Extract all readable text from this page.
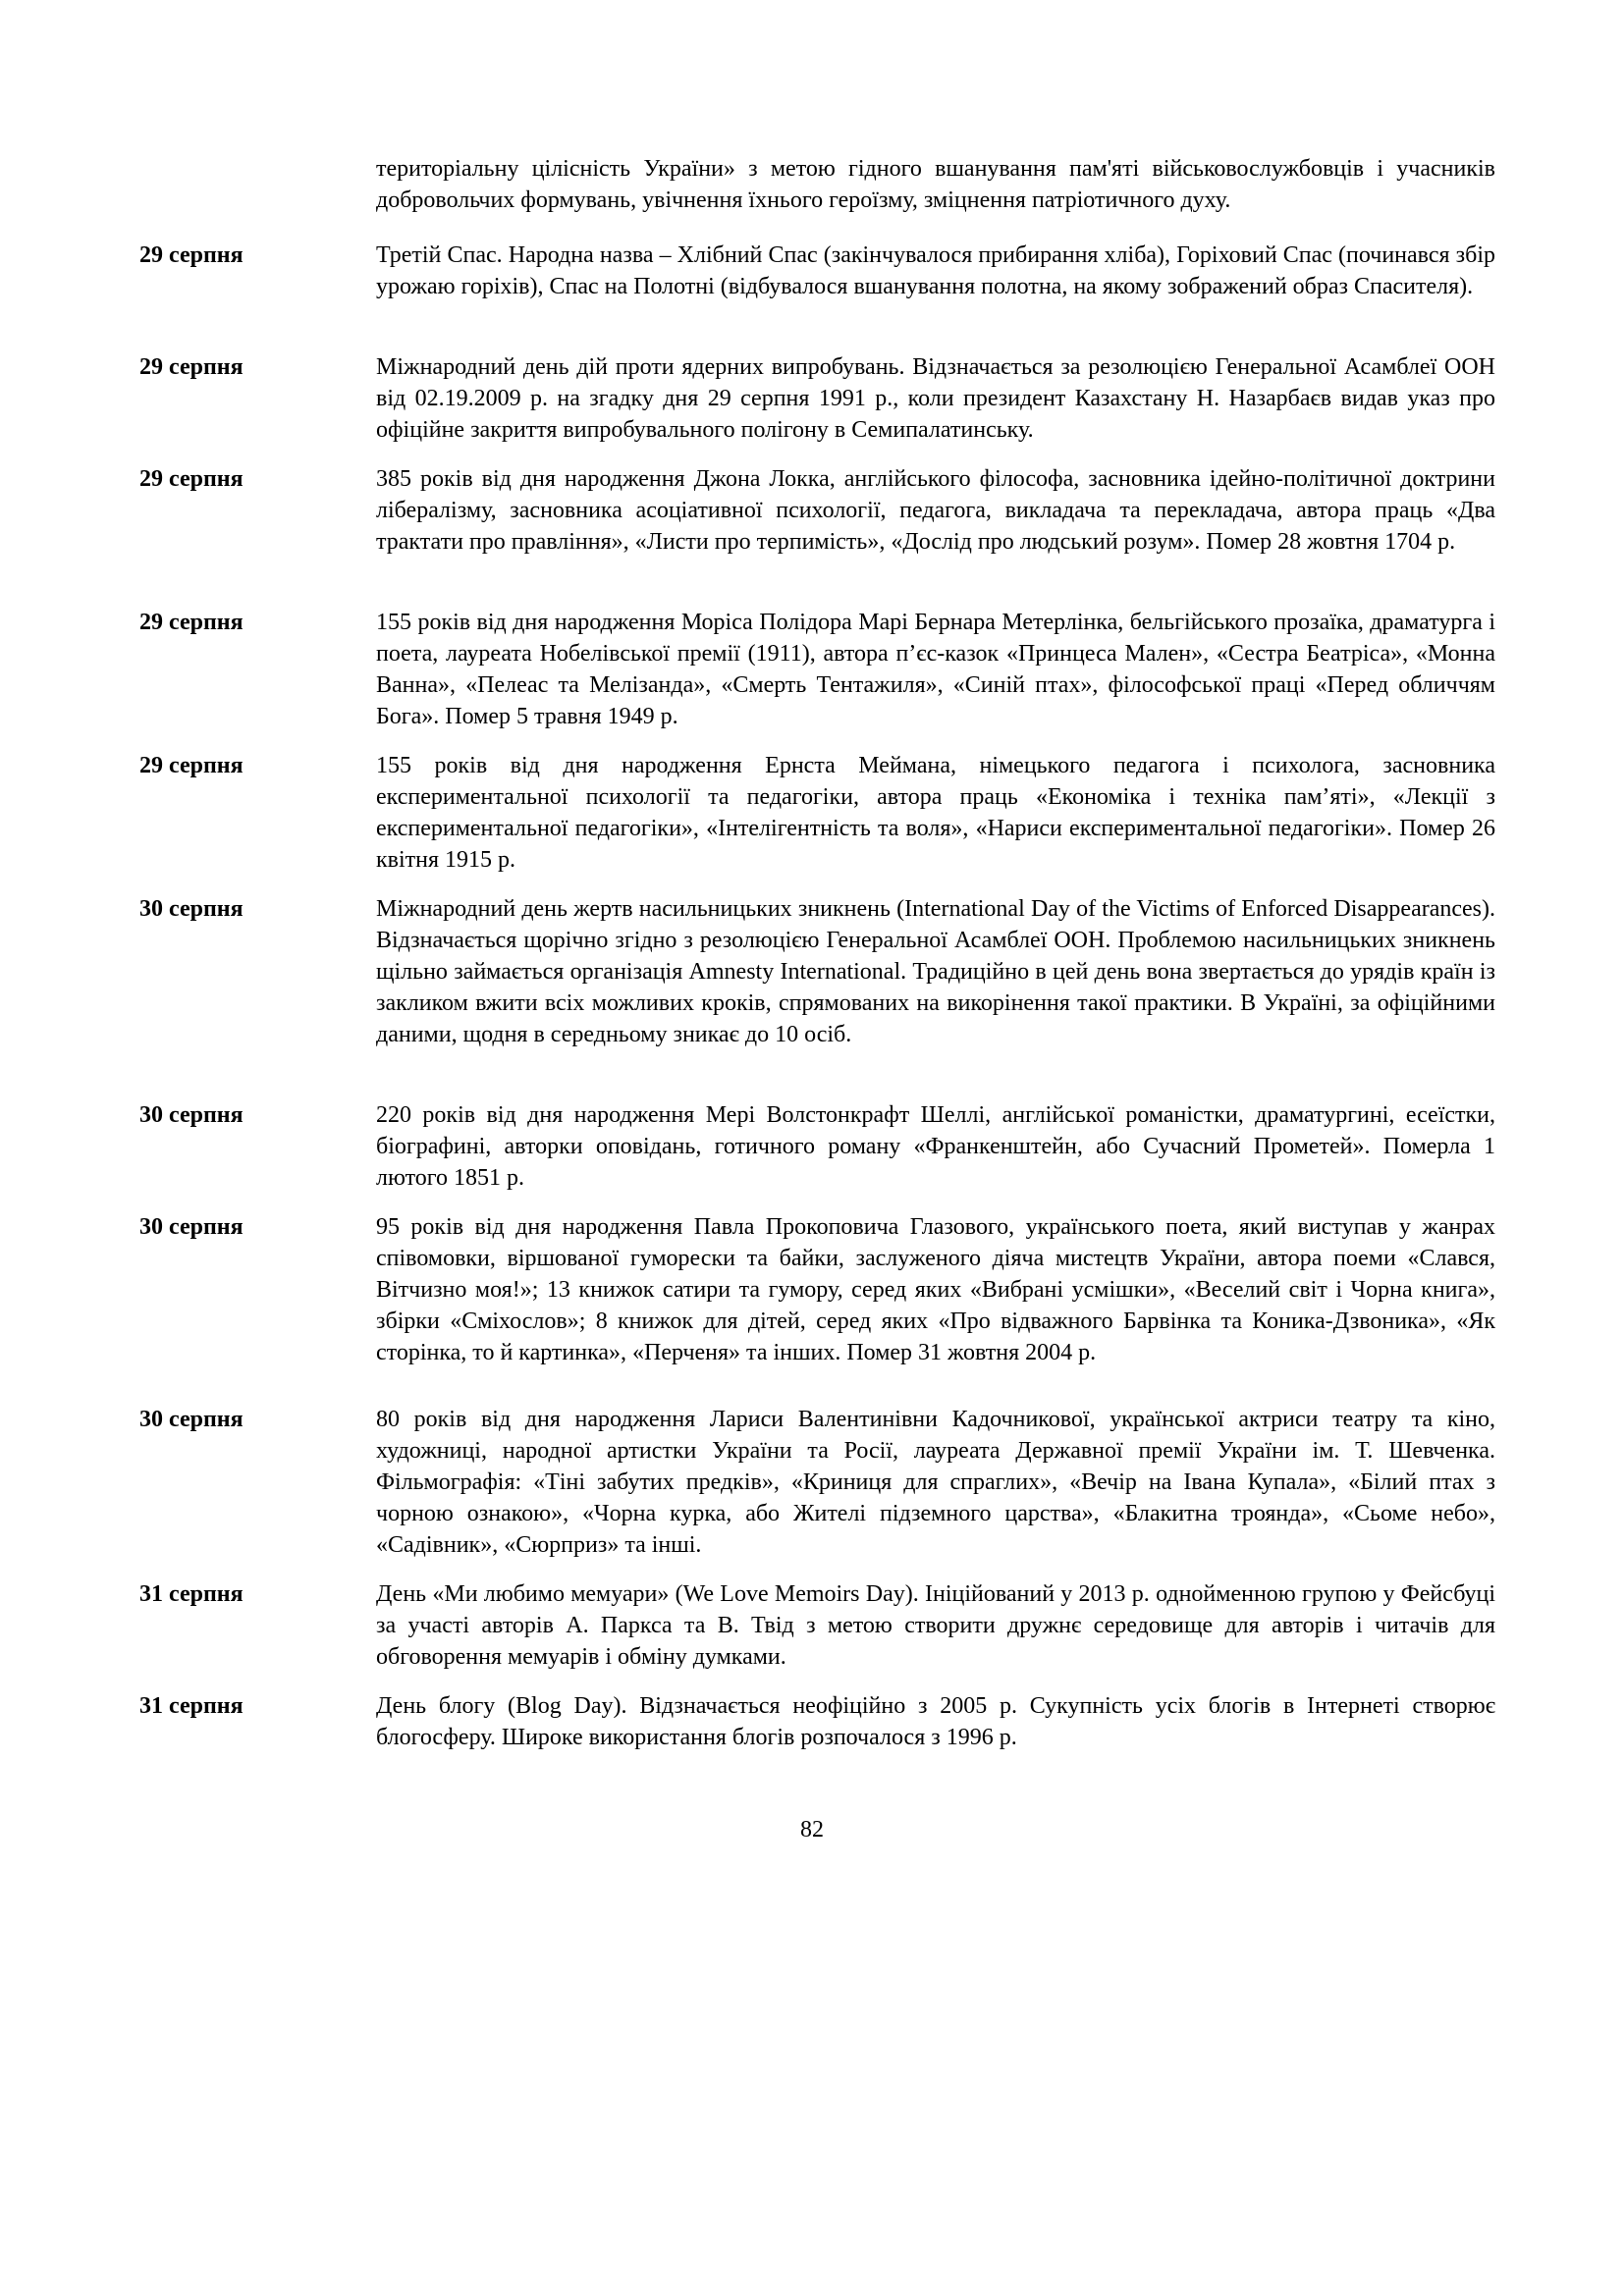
територіальну цілісність України» з метою гідного вшанування пам'яті військовослужбовців і учасників добровольчих формувань, увічнення їхнього героїзму, зміцнення патріотичного духу.
29 серпня	Третій Спас. Народна назва – Хлібний Спас (закінчувалося прибирання хліба), Горіховий Спас (починався збір урожаю горіхів), Спас на Полотні (відбувалося вшанування полотна, на якому зображений образ Спасителя).
29 серпня	Міжнародний день дій проти ядерних випробувань. Відзначається за резолюцією Генеральної Асамблеї ООН від 02.19.2009 р. на згадку дня 29 серпня 1991 р., коли президент Казахстану Н. Назарбаєв видав указ про офіційне закриття випробувального полігону в Семипалатинську.
29 серпня	385 років від дня народження Джона Локка, англійського філософа, засновника ідейно-політичної доктрини лібералізму, засновника асоціативної психології, педагога, викладача та перекладача, автора праць «Два трактати про правління», «Листи про терпимість», «Дослід про людський розум». Помер 28 жовтня 1704 р.
29 серпня	155 років від дня народження Моріса Полідора Марі Бернара Метерлінка, бельгійського прозаїка, драматурга і поета, лауреата Нобелівської премії (1911), автора п’єс-казок «Принцеса Мален», «Сестра Беатріса», «Монна Ванна», «Пелеас та Мелізанда», «Смерть Тентажиля», «Синій птах», філософської праці «Перед обличчям Бога». Помер 5 травня 1949 р.
29 серпня	155 років від дня народження Ернста Меймана, німецького педагога і психолога, засновника експериментальної психології та педагогіки, автора праць «Економіка і техніка пам’яті», «Лекції з експериментальної педагогіки», «Інтелігентність та воля», «Нариси експериментальної педагогіки». Помер 26 квітня 1915 р.
30 серпня	Міжнародний день жертв насильницьких зникнень (International Day of the Victims of Enforced Disappearances). Відзначається щорічно згідно з резолюцією Генеральної Асамблеї ООН. Проблемою насильницьких зникнень щільно займається організація Amnesty International. Традиційно в цей день вона звертається до урядів країн із закликом вжити всіх можливих кроків, спрямованих на викорінення такої практики. В Україні, за офіційними даними, щодня в середньому зникає до 10 осіб.
30 серпня	220 років від дня народження Мері Волстонкрафт Шеллі, англійської романістки, драматургині, есеїстки, біографині, авторки оповідань, готичного роману «Франкенштейн, або Сучасний Прометей». Померла 1 лютого 1851 р.
30 серпня	95 років від дня народження Павла Прокоповича Глазового, українського поета, який виступав у жанрах співомовки, віршованої гуморески та байки, заслуженого діяча мистецтв України, автора поеми «Слався, Вітчизно моя!»; 13 книжок сатири та гумору, серед яких «Вибрані усмішки», «Веселий світ і Чорна книга», збірки «Сміхослов»; 8 книжок для дітей, серед яких «Про відважного Барвінка та Коника-Дзвоника», «Як сторінка, то й картинка», «Перченя» та інших. Помер 31 жовтня 2004 р.
30 серпня	80 років від дня народження Лариси Валентинівни Кадочникової, української актриси театру та кіно, художниці, народної артистки України та Росії, лауреата Державної премії України ім. Т. Шевченка. Фільмографія: «Тіні забутих предків», «Криниця для спраглих», «Вечір на Івана Купала», «Білий птах з чорною ознакою», «Чорна курка, або Жителі підземного царства», «Блакитна троянда», «Сьоме небо», «Садівник», «Сюрприз» та інші.
31 серпня	День «Ми любимо мемуари» (We Love Memoirs Day). Ініційований у 2013 р. однойменною групою у Фейсбуці за участі авторів А. Паркса та В. Твід з метою створити дружнє середовище для авторів і читачів для обговорення мемуарів і обміну думками.
31 серпня	День блогу (Blog Day). Відзначається неофіційно з 2005 р. Сукупність усіх блогів в Інтернеті створює блогосферу. Широке використання блогів розпочалося з 1996 р.
82
